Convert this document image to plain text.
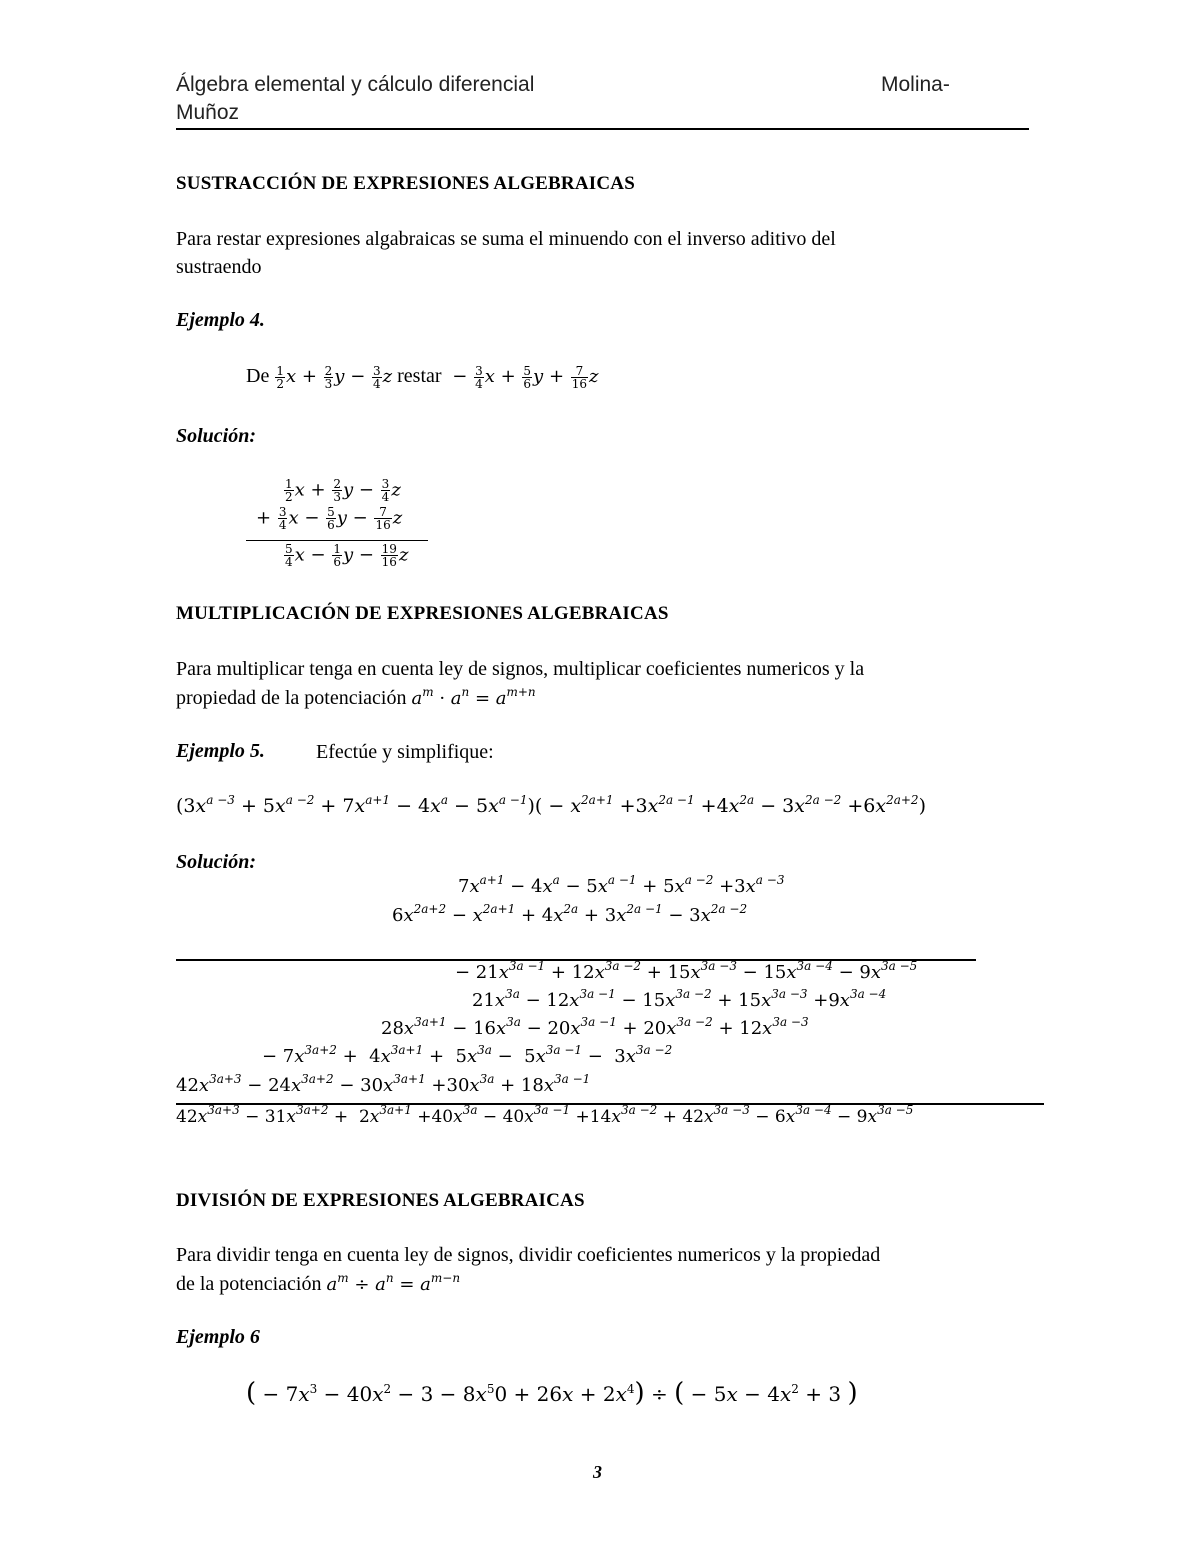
Álgebra elemental y cálculo diferencial	Molina-
Muñoz
SUSTRACCIÓN DE EXPRESIONES ALGEBRAICAS
Para restar expresiones algabraicas se suma el minuendo con el inverso aditivo del
sustraendo
Ejemplo 4.
De $\frac{1}{2}$ $x + \frac{2}{3}$ $y - \frac{3}{4}$ z restar  − $\frac{3}{4}$ $x + \frac{5}{6}$ $y + \frac{7}{16}$ z
Solución:
$\frac{1}{2}$ $x + \frac{2}{3}$ $y - \frac{3}{4}$ z
+ $\frac{3}{4}$ $x - \frac{5}{6}$ $y - \frac{7}{16}$ z
$\frac{5}{4}$ $x - \frac{1}{6}$ $y - \frac{19}{16}$ z
MULTIPLICACIÓN DE EXPRESIONES ALGEBRAICAS
Para multiplicar tenga en cuenta ley de signos, multiplicar coeficientes numericos y la
propiedad de la potenciación $a^m \cdot a^n = a^{m+n}$
Ejemplo 5.	Efectúe y simplifique:
$(3x^{a -3} + 5x^{a -2} + 7x^{a+1} - 4x^a - 5x^{a -1})( - x^{2a+1} +3x^{2a -1} +4x^{2a} - 3x^{2a -2} +6x^{2a+2})$
Solución:
$7x^{a+1} - 4x^a - 5x^{a -1} + 5x^{a -2} +3x^{a -3}$
$6x^{2a+2} - x^{2a+1} + 4x^{2a} + 3x^{2a -1} - 3x^{2a -2}$
− $21x^{3a -1} + 12x^{3a -2} + 15x^{3a -3} - 15x^{3a -4} - 9x^{3a -5}$
$21x^{3a} - 12x^{3a -1} - 15x^{3a -2} + 15x^{3a -3} +9x^{3a -4}$
$28x^{3a+1} - 16x^{3a} - 20x^{3a -1} + 20x^{3a -2} + 12x^{3a -3}$
− $7x^{3a+2} + 4x^{3a+1} + 5x^{3a} - 5x^{3a -1} - 3x^{3a -2}$
$42x^{3a+3} - 24x^{3a+2} - 30x^{3a+1} +30x^{3a} + 18x^{3a -1}$
$42x^{3a+3} - 31x^{3a+2} + 2x^{3a+1} +40x^{3a} - 40x^{3a -1} +14x^{3a -2} + 42x^{3a -3} - 6x^{3a -4} - 9x^{3a -5}$
DIVISIÓN DE EXPRESIONES ALGEBRAICAS
Para dividir tenga en cuenta ley de signos, dividir coeficientes numericos y la propiedad
de la potenciación $a^m \div a^n = a^{m-n}$
Ejemplo 6
( − $7x^3 - 40x^2 - 3 - 8x^50 + 26x + 2x^4$) ÷ ( − $5x - 4x^2 + 3$ )
3
